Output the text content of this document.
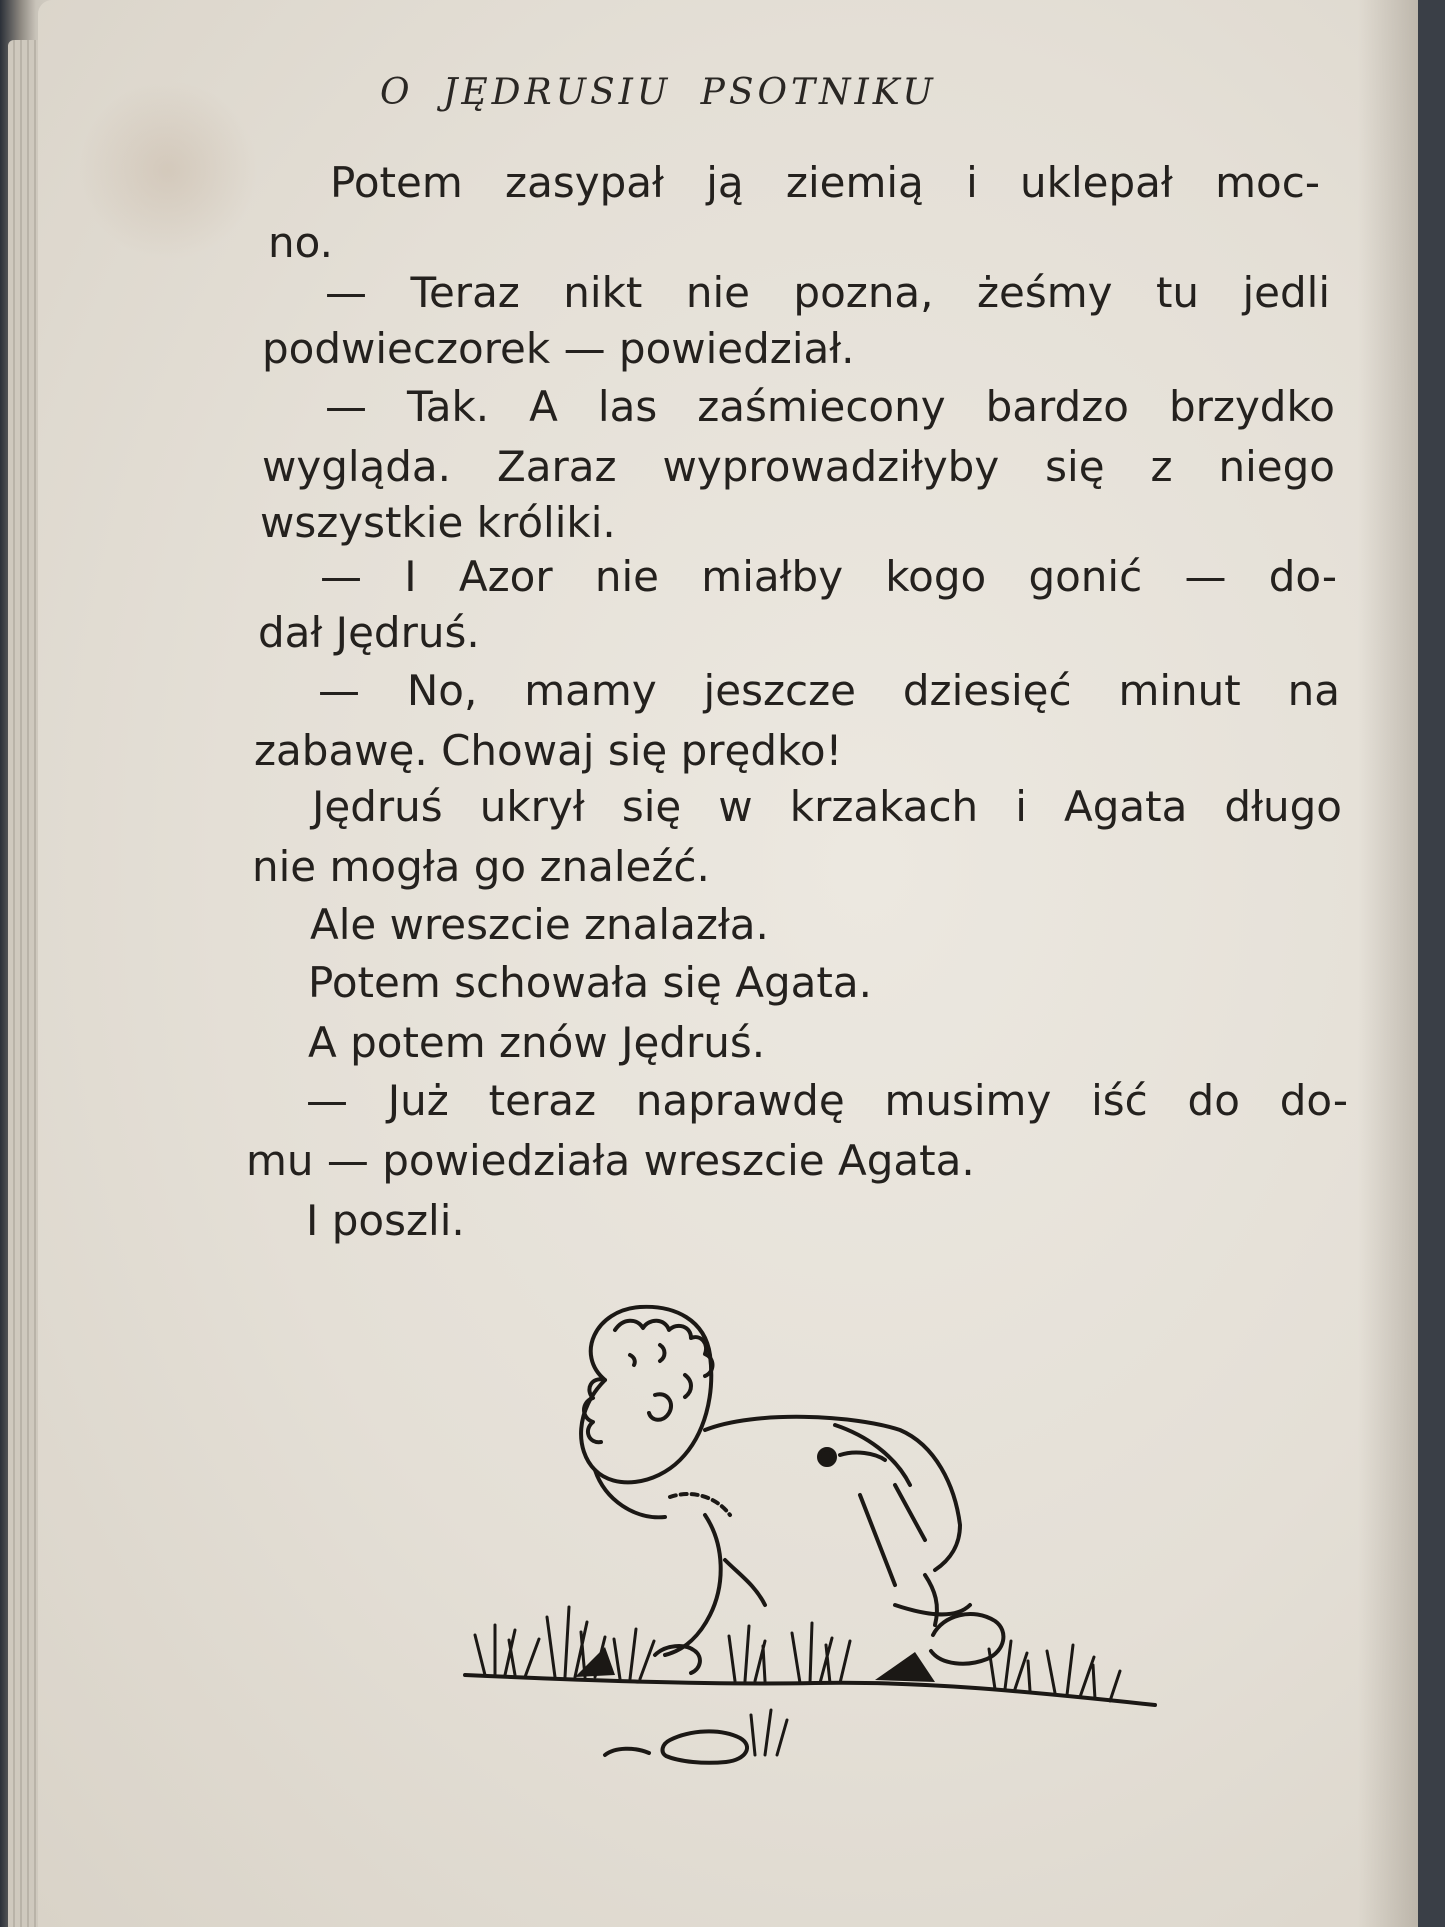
O JĘDRUSIU PSOTNIKU
Potem zasypał ją ziemią i uklepał moc-
no.
— Teraz nikt nie pozna, żeśmy tu jedli
podwieczorek — powiedział.
— Tak. A las zaśmiecony bardzo brzydko
wygląda. Zaraz wyprowadziłyby się z niego
wszystkie króliki.
— I Azor nie miałby kogo gonić — do-
dał Jędruś.
— No, mamy jeszcze dziesięć minut na
zabawę. Chowaj się prędko!
Jędruś ukrył się w krzakach i Agata długo
nie mogła go znaleźć.
Ale wreszcie znalazła.
Potem schowała się Agata.
A potem znów Jędruś.
— Już teraz naprawdę musimy iść do do-
mu — powiedziała wreszcie Agata.
I poszli.
